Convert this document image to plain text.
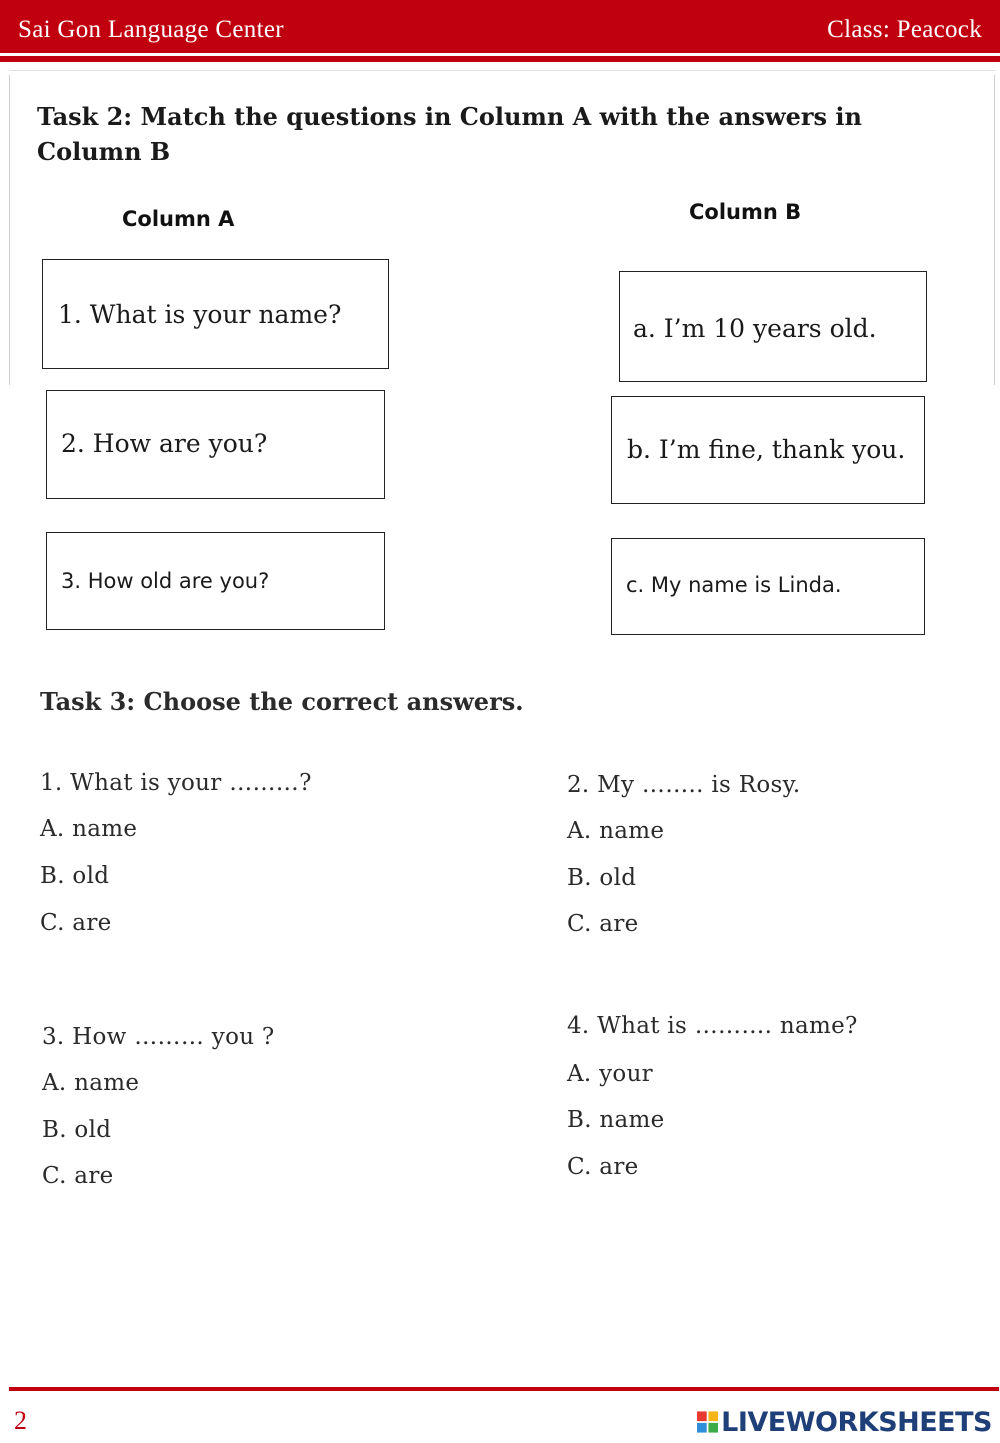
Sai Gon Language Center	Class: Peacock
Task 2: Match the questions in Column A with the answers in
Column B
Column A	Column B
1. What is your name?
2. How are you?
3. How old are you?
a. I’m 10 years old.
b. I’m fine, thank you.
c. My name is Linda.
Task 3: Choose the correct answers.
1. What is your ………?
A. name
B. old
C. are
2. My …….. is Rosy.
A. name
B. old
C. are
3. How ……… you ?
A. name
B. old
C. are
4. What is ………. name?
A. your
B. name
C. are
2	LIVEWORKSHEETS
